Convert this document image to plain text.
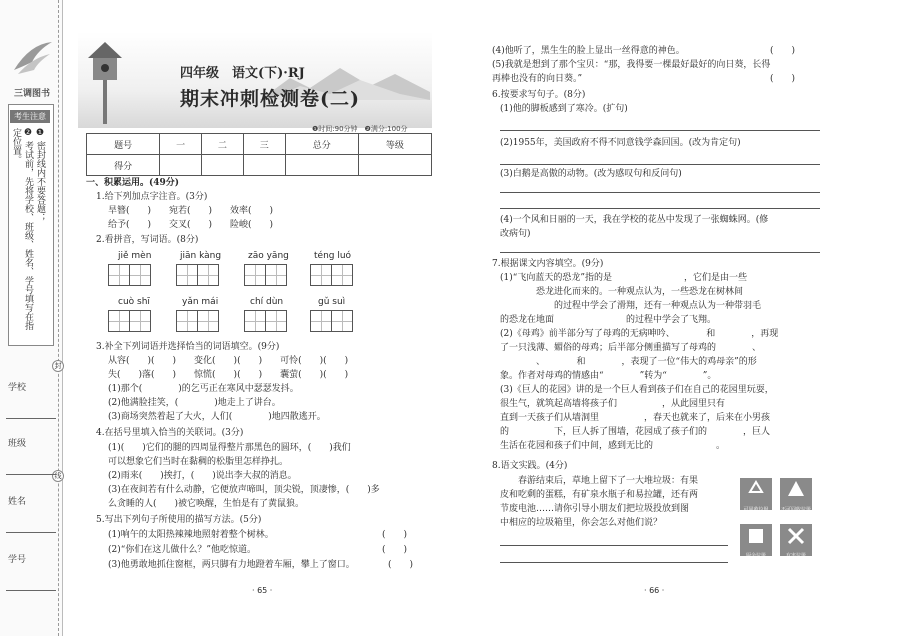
三调图书
考生注意
❶ 密封线内不要答题；
❷ 考试前，先将学校、班级、姓名、学号填写在指定位置。
封
线
学校
班级
姓名
学号
四年级　语文(下)·RJ
期末冲刺检测卷(二)
❶时间:90分钟　❷满分:100分
题号	一	二	三	总分	等级
得分					
一、积累运用。(49分)
1.给下列加点字注音。(3分)
旱簪(　　)　　宛若(　　)　　效率(　　)
给予(　　)　　交叉(　　)　　险峻(　　)
2.看拼音，写词语。(8分)
jiě mèn	jiān kàng	zāo yāng	téng luó
cuò shī	yǎn mái	chí dùn	gǔ suì
3.补全下列词语并选择恰当的词语填空。(9分)
从容(　　)(　　)　　变化(　　)(　　)　　可怜(　　)(　　)
失(　　)落(　　)　　惊慌(　　)(　　)　　囊萤(　　)(　　)
(1)那个(　　　　)的乞丐正在寒风中瑟瑟发抖。
(2)他满脸挂笑，(　　　　)地走上了讲台。
(3)商场突然着起了大火，人们(　　　　)地四散逃开。
4.在括号里填入恰当的关联词。(3分)
(1)(　　)它们的腿的四周显得整片那黑色的圆环，(　　)我们
可以想象它们当时在黏稠的松脂里怎样挣扎。
(2)雨来(　　)挨打，(　　)说出李大叔的消息。
(3)在夜间若有什么动静，它便放声啼叫，顶尖锐，顶凄惨，(　　)多
么贪睡的人(　　)被它唤醒，生怕是有了黄鼠狼。
5.写出下列句子所使用的描写方法。(5分)
(1)响午的太阳热辣辣地照射着整个树林。	(　　)
(2)“你们在这儿做什么？”他吃惊道。	(　　)
(3)他勇敢地抓住窗框，两只脚有力地蹬着车厢，攀上了窗口。	(　　)
· 65 ·
(4)他听了，黑生生的脸上显出一丝得意的神色。	(　　)
(5)我就是想到了那个宝贝：“那，我得要一棵最好最好的向日葵，长得
再棒也没有的向日葵。”	(　　)
6.按要求写句子。(8分)
(1)他的脚板感到了寒冷。(扩句)
(2)1955年，美国政府不得不同意钱学森回国。(改为肯定句)
(3)白鹅是高傲的动物。(改为感叹句和反问句)
(4)一个风和日丽的一天，我在学校的花丛中发现了一张蜘蛛网。(修
改病句)
7.根据课文内容填空。(9分)
(1)“飞向蓝天的恐龙”指的是　　　　　　　　，它们是由一些
　　　　恐龙进化而来的。一种观点认为，一些恐龙在树林间
　　　　　　的过程中学会了滑翔，还有一种观点认为一种带羽毛
的恐龙在地面　　　　　　　　的过程中学会了飞翔。
(2)《母鸡》前半部分写了母鸡的无病呻吟、　　　　和　　　　，再现
了一只浅薄、媚俗的母鸡；后半部分侧重描写了母鸡的　　　　、
　　　　、　　　　和　　　　，表现了一位“伟大的鸡母亲”的形
象。作者对母鸡的情感由“　　　　”转为“　　　　”。
(3)《巨人的花园》讲的是一个巨人看到孩子们在自己的花园里玩耍，
很生气，就筑起高墙将孩子们　　　　　，从此园里只有　　　　
直到一天孩子们从墙洞里　　　　　，春天也就来了，后来在小男孩
的　　　　　下，巨人拆了围墙，花园成了孩子们的　　　　，巨人
生活在花园和孩子们中间，感到无比的　　　　　　　。
8.语文实践。(4分)
　　春游结束后，草地上留下了一大堆垃圾：有果
皮和吃剩的蛋糕，有矿泉水瓶子和易拉罐，还有两
节废电池……请你引导小朋友们把垃圾投放到图
中相应的垃圾箱里，你会怎么对他们说？
可回收垃圾	不可回收垃圾
厨余垃圾	有害垃圾
· 66 ·
